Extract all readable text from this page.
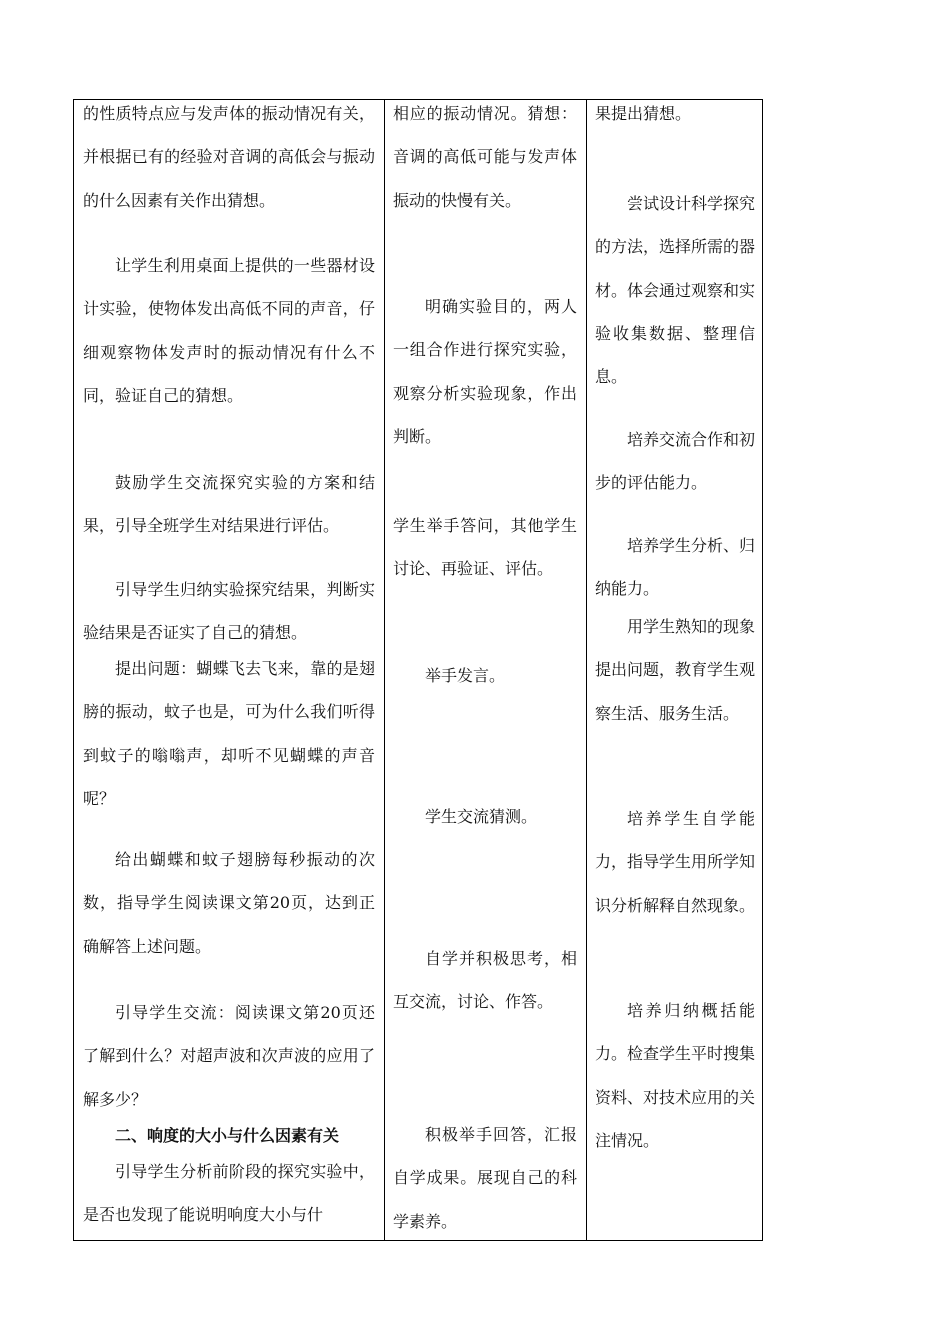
的性质特点应与发声体的振动情况有关，并根据已有的经验对音调的高低会与振动的什么因素有关作出猜想。

让学生利用桌面上提供的一些器材设计实验，使物体发出高低不同的声音，仔细观察物体发声时的振动情况有什么不同，验证自己的猜想。

鼓励学生交流探究实验的方案和结果，引导全班学生对结果进行评估。

引导学生归纳实验探究结果，判断实验结果是否证实了自己的猜想。

提出问题：蝴蝶飞去飞来，靠的是翅膀的振动，蚊子也是，可为什么我们听得到蚊子的嗡嗡声，却听不见蝴蝶的声音呢？

给出蝴蝶和蚊子翅膀每秒振动的次数，指导学生阅读课文第20页，达到正确解答上述问题。

引导学生交流：阅读课文第20页还了解到什么？对超声波和次声波的应用了解多少？

二、响度的大小与什么因素有关

引导学生分析前阶段的探究实验中，是否也发现了能说明响度大小与什

相应的振动情况。猜想：音调的高低可能与发声体振动的快慢有关。

明确实验目的，两人一组合作进行探究实验，观察分析实验现象，作出判断。

学生举手答问，其他学生讨论、再验证、评估。

举手发言。

学生交流猜测。

自学并积极思考，相互交流，讨论、作答。

积极举手回答，汇报自学成果。展现自己的科学素养。

果提出猜想。

尝试设计科学探究的方法，选择所需的器材。体会通过观察和实验收集数据、整理信息。

培养交流合作和初步的评估能力。

培养学生分析、归纳能力。

用学生熟知的现象提出问题，教育学生观察生活、服务生活。

培养学生自学能力，指导学生用所学知识分析解释自然现象。

培养归纳概括能力。检查学生平时搜集资料、对技术应用的关注情况。
